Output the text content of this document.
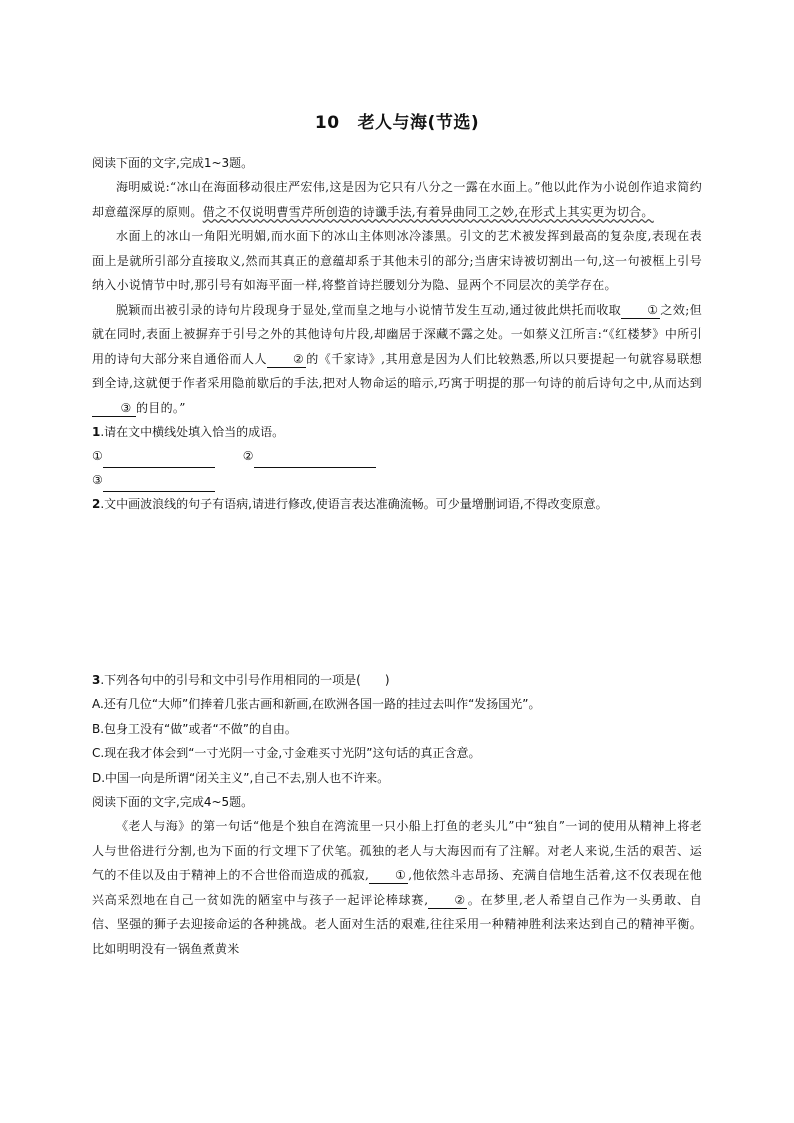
10 老人与海(节选)

阅读下面的文字,完成1~3题。

海明威说:“冰山在海面移动很庄严宏伟,这是因为它只有八分之一露在水面上。”他以此作为小说创作追求简约却意蕴深厚的原则。借之不仅说明曹雪芹所创造的诗谶手法,有着异曲同工之妙,在形式上其实更为切合。

水面上的冰山一角阳光明媚,而水面下的冰山主体则冰冷漆黑。引文的艺术被发挥到最高的复杂度,表现在表面上是就所引部分直接取义,然而其真正的意蕴却系于其他未引的部分;当唐宋诗被切割出一句,这一句被框上引号纳入小说情节中时,那引号有如海平面一样,将整首诗拦腰划分为隐、显两个不同层次的美学存在。

脱颖而出被引录的诗句片段现身于显处,堂而皇之地与小说情节发生互动,通过彼此烘托而收取 ① 之效;但就在同时,表面上被摒弃于引号之外的其他诗句片段,却幽居于深藏不露之处。一如蔡义江所言:“《红楼梦》中所引用的诗句大部分来自通俗而人人 ② 的《千家诗》,其用意是因为人们比较熟悉,所以只要提起一句就容易联想到全诗,这就便于作者采用隐前歇后的手法,把对人物命运的暗示,巧寓于明提的那一句诗的前后诗句之中,从而达到③ 的目的。”

1.请在文中横线处填入恰当的成语。

①	②
③

2.文中画波浪线的句子有语病,请进行修改,使语言表达准确流畅。可少量增删词语,不得改变原意。

3.下列各句中的引号和文中引号作用相同的一项是(　　)

A.还有几位“大师”们捧着几张古画和新画,在欧洲各国一路的挂过去叫作“发扬国光”。

B.包身工没有“做”或者“不做”的自由。

C.现在我才体会到“一寸光阴一寸金,寸金难买寸光阴”这句话的真正含意。

D.中国一向是所谓“闭关主义”,自己不去,别人也不许来。

阅读下面的文字,完成4~5题。

《老人与海》的第一句话“他是个独自在湾流里一只小船上打鱼的老头儿”中“独自”一词的使用从精神上将老人与世俗进行分割,也为下面的行文埋下了伏笔。孤独的老人与大海因而有了注解。对老人来说,生活的艰苦、运气的不佳以及由于精神上的不合世俗而造成的孤寂, ① ,他依然斗志昂扬、充满自信地生活着,这不仅表现在他兴高采烈地在自己一贫如洗的陋室中与孩子一起评论棒球赛, ② 。在梦里,老人希望自己作为一头勇敢、自信、坚强的狮子去迎接命运的各种挑战。老人面对生活的艰难,往往采用一种精神胜利法来达到自己的精神平衡。比如明明没有一锅鱼煮黄米
